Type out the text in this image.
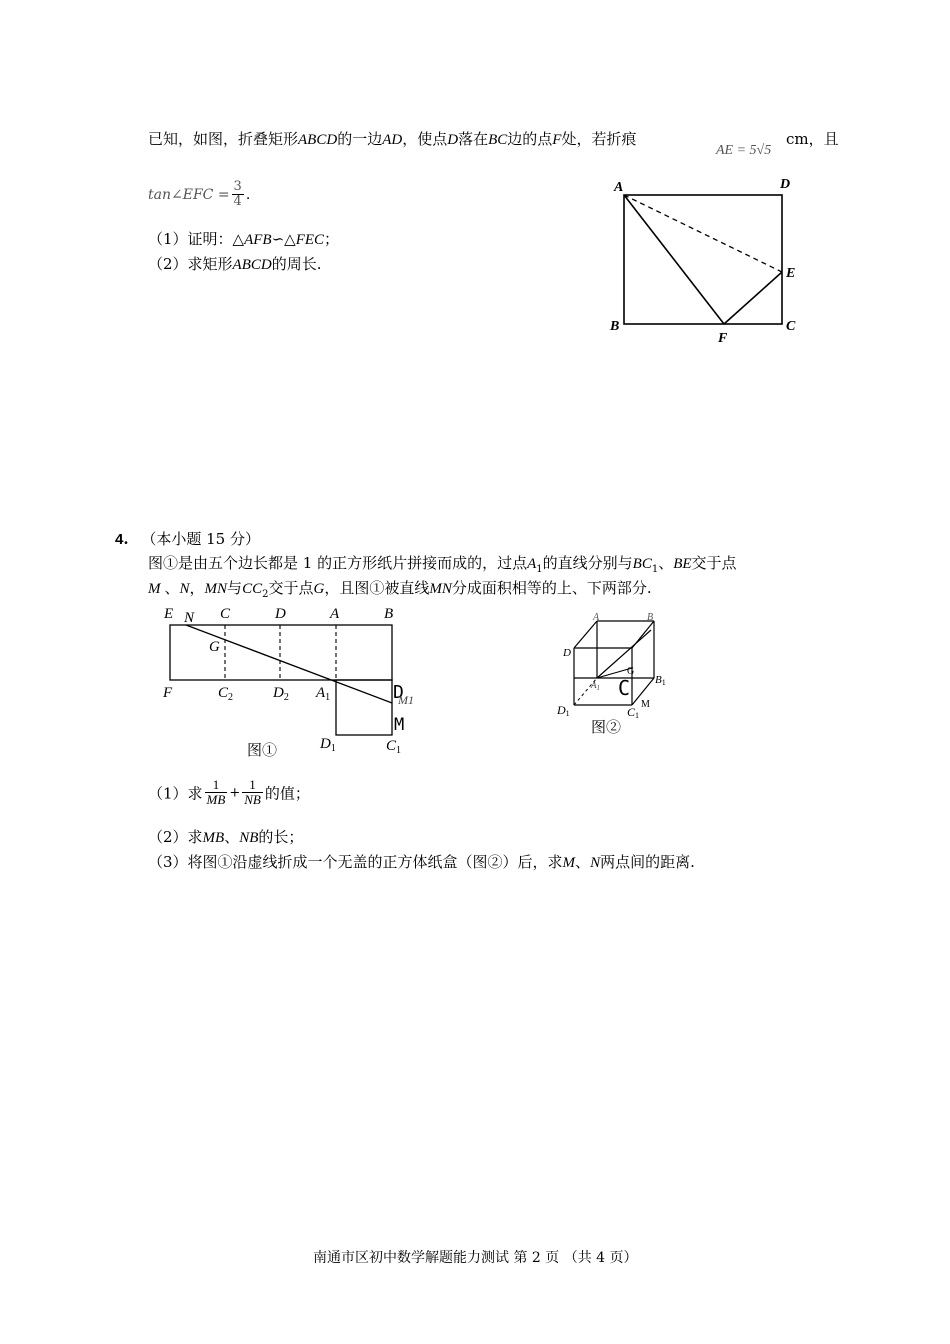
已知，如图，折叠矩形ABCD的一边AD，使点D落在BC边的点F处，若折痕
AE = 5√5
cm，且
tan∠EFC = $\frac{3}{4}$ .
（1）证明：△AFB∽△FEC；
（2）求矩形ABCD的周长.
A	D
B	C
E
F
4. （本小题 15 分）
图①是由五个边长都是 1 的正方形纸片拼接而成的，过点$A_1$的直线分别与$BC_1$、BE交于点
M 、N，MN与$CC_2$交于点G，且图①被直线MN分成面积相等的上、下两部分.
E N C	D	A	B
G
F	$C_2$	$D_2$ $A_1$	D
M1
M
$D_1$	$C_1$
图①
A	B
D
G
$A_1$
B1
C
D1	C1
M
图②
（1）求 $\frac{1}{MB} + \frac{1}{NB}$ 的值；
（2）求MB、NB的长；
（3）将图①沿虚线折成一个无盖的正方体纸盒（图②）后，求M、N两点间的距离.
南通市区初中数学解题能力测试 第 2 页 （共 4 页）
